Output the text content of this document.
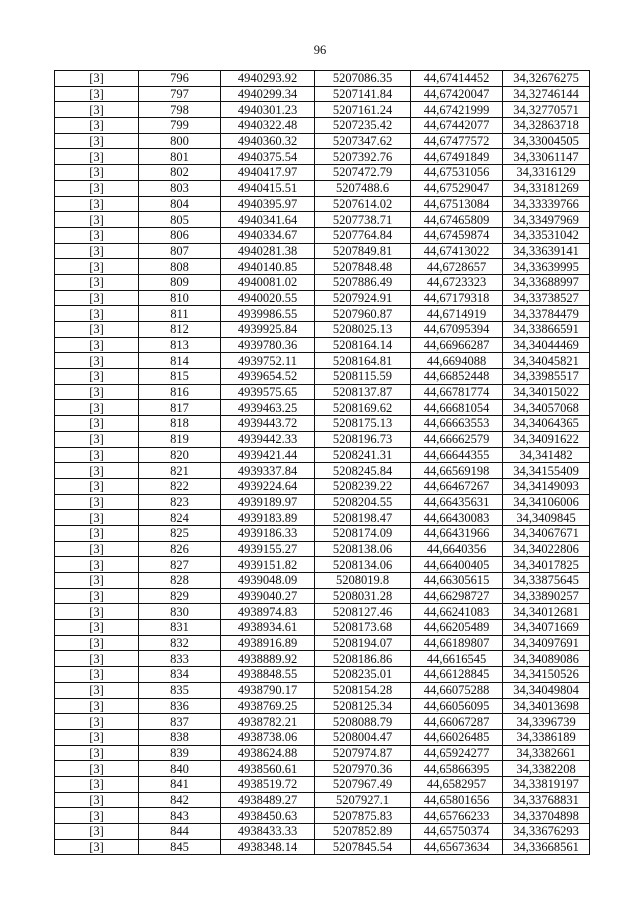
96
[3]	796	4940293.92	5207086.35	44,67414452	34,32676275
[3]	797	4940299.34	5207141.84	44,67420047	34,32746144
[3]	798	4940301.23	5207161.24	44,67421999	34,32770571
[3]	799	4940322.48	5207235.42	44,67442077	34,32863718
[3]	800	4940360.32	5207347.62	44,67477572	34,33004505
[3]	801	4940375.54	5207392.76	44,67491849	34,33061147
[3]	802	4940417.97	5207472.79	44,67531056	34,3316129
[3]	803	4940415.51	5207488.6	44,67529047	34,33181269
[3]	804	4940395.97	5207614.02	44,67513084	34,33339766
[3]	805	4940341.64	5207738.71	44,67465809	34,33497969
[3]	806	4940334.67	5207764.84	44,67459874	34,33531042
[3]	807	4940281.38	5207849.81	44,67413022	34,33639141
[3]	808	4940140.85	5207848.48	44,6728657	34,33639995
[3]	809	4940081.02	5207886.49	44,6723323	34,33688997
[3]	810	4940020.55	5207924.91	44,67179318	34,33738527
[3]	811	4939986.55	5207960.87	44,6714919	34,33784479
[3]	812	4939925.84	5208025.13	44,67095394	34,33866591
[3]	813	4939780.36	5208164.14	44,66966287	34,34044469
[3]	814	4939752.11	5208164.81	44,6694088	34,34045821
[3]	815	4939654.52	5208115.59	44,66852448	34,33985517
[3]	816	4939575.65	5208137.87	44,66781774	34,34015022
[3]	817	4939463.25	5208169.62	44,66681054	34,34057068
[3]	818	4939443.72	5208175.13	44,66663553	34,34064365
[3]	819	4939442.33	5208196.73	44,66662579	34,34091622
[3]	820	4939421.44	5208241.31	44,66644355	34,341482
[3]	821	4939337.84	5208245.84	44,66569198	34,34155409
[3]	822	4939224.64	5208239.22	44,66467267	34,34149093
[3]	823	4939189.97	5208204.55	44,66435631	34,34106006
[3]	824	4939183.89	5208198.47	44,66430083	34,3409845
[3]	825	4939186.33	5208174.09	44,66431966	34,34067671
[3]	826	4939155.27	5208138.06	44,6640356	34,34022806
[3]	827	4939151.82	5208134.06	44,66400405	34,34017825
[3]	828	4939048.09	5208019.8	44,66305615	34,33875645
[3]	829	4939040.27	5208031.28	44,66298727	34,33890257
[3]	830	4938974.83	5208127.46	44,66241083	34,34012681
[3]	831	4938934.61	5208173.68	44,66205489	34,34071669
[3]	832	4938916.89	5208194.07	44,66189807	34,34097691
[3]	833	4938889.92	5208186.86	44,6616545	34,34089086
[3]	834	4938848.55	5208235.01	44,66128845	34,34150526
[3]	835	4938790.17	5208154.28	44,66075288	34,34049804
[3]	836	4938769.25	5208125.34	44,66056095	34,34013698
[3]	837	4938782.21	5208088.79	44,66067287	34,3396739
[3]	838	4938738.06	5208004.47	44,66026485	34,3386189
[3]	839	4938624.88	5207974.87	44,65924277	34,3382661
[3]	840	4938560.61	5207970.36	44,65866395	34,3382208
[3]	841	4938519.72	5207967.49	44,6582957	34,33819197
[3]	842	4938489.27	5207927.1	44,65801656	34,33768831
[3]	843	4938450.63	5207875.83	44,65766233	34,33704898
[3]	844	4938433.33	5207852.89	44,65750374	34,33676293
[3]	845	4938348.14	5207845.54	44,65673634	34,33668561
